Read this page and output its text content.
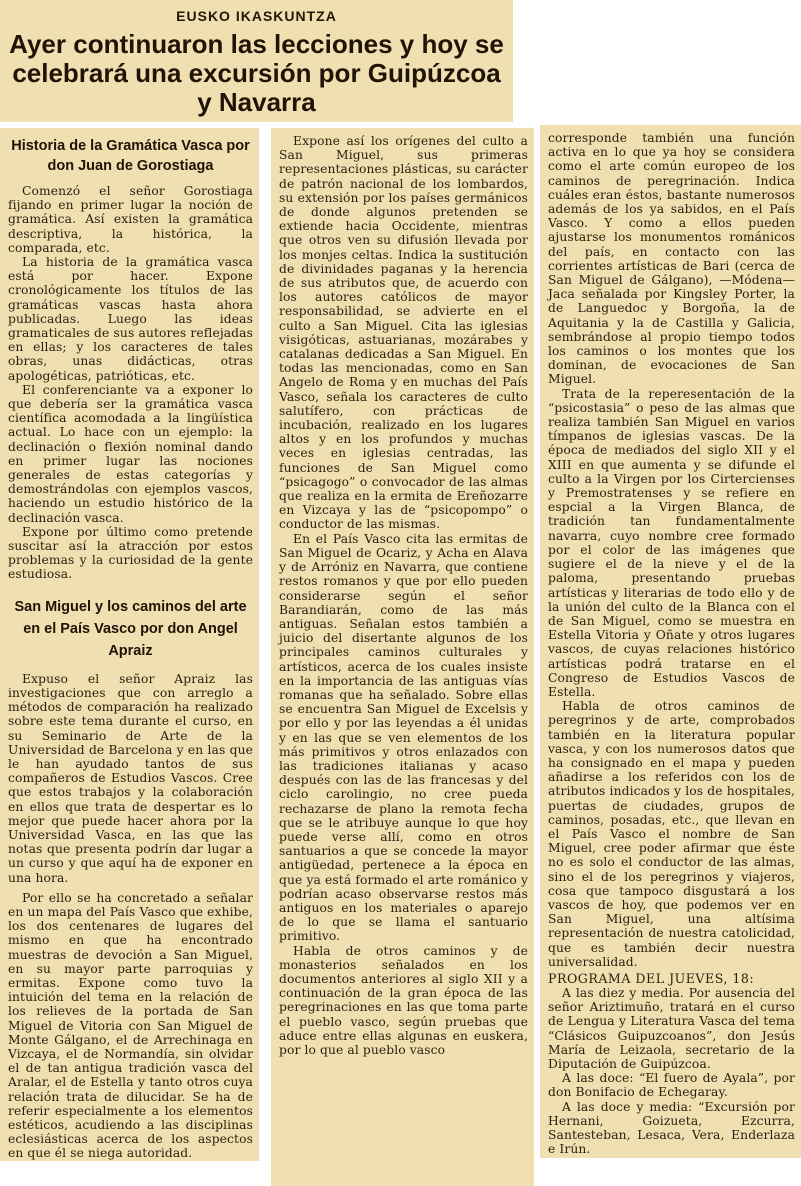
EUSKO IKASKUNTZA
Ayer continuaron las lecciones y hoy se celebrará una excursión por Guipúzcoa y Navarra
Historia de la Gramática Vasca por don Juan de Gorostiaga

Comenzó el señor Gorostiaga fijando en primer lugar la noción de gramática. Así existen la gramática descriptiva, la histórica, la comparada, etc.

La historia de la gramática vasca está por hacer. Expone cronológicamente los títulos de las gramáticas vascas hasta ahora publicadas. Luego las ideas gramaticales de sus autores reflejadas en ellas; y los caracteres de tales obras, unas didácticas, otras apologéticas, patrióticas, etc.

El conferenciante va a exponer lo que debería ser la gramática vasca científica acomodada a la lingüística actual. Lo hace con un ejemplo: la declinación o flexión nominal dando en primer lugar las nociones generales de estas categorías y demostrándolas con ejemplos vascos, haciendo un estudio histórico de la declinación vasca.

Expone por último como pretende suscitar así la atracción por estos problemas y la curiosidad de la gente estudiosa.

San Miguel y los caminos del arte en el País Vasco por don Angel Apraiz

Expuso el señor Apraiz las investigaciones que con arreglo a métodos de comparación ha realizado sobre este tema durante el curso, en su Seminario de Arte de la Universidad de Barcelona y en las que le han ayudado tantos de sus compañeros de Estudios Vascos. Cree que estos trabajos y la colaboración en ellos que trata de despertar es lo mejor que puede hacer ahora por la Universidad Vasca, en las que las notas que presenta podrín dar lugar a un curso y que aquí ha de exponer en una hora.

Por ello se ha concretado a señalar en un mapa del País Vasco que exhibe, los dos centenares de lugares del mismo en que ha encontrado muestras de devoción a San Miguel, en su mayor parte parroquias y ermitas. Expone como tuvo la intuición del tema en la relación de los relieves de la portada de San Miguel de Vitoria con San Miguel de Monte Gálgano, el de Arrechinaga en Vizcaya, el de Normandía, sin olvidar el de tan antigua tradición vasca del Aralar, el de Estella y tanto otros cuya relación trata de dilucidar. Se ha de referir especialmente a los elementos estéticos, acudiendo a las disciplinas eclesiásticas acerca de los aspectos en que él se niega autoridad.

Expone así los orígenes del culto a San Miguel, sus primeras representaciones plásticas, su carácter de patrón nacional de los lombardos, su extensión por los países germánicos de donde algunos pretenden se extiende hacia Occidente, mientras que otros ven su difusión llevada por los monjes celtas. Indica la sustitución de divinidades paganas y la herencia de sus atributos que, de acuerdo con los autores católicos de mayor responsabilidad, se advierte en el culto a San Miguel. Cita las iglesias visigóticas, astuarianas, mozárabes y catalanas dedicadas a San Miguel. En todas las mencionadas, como en San Angelo de Roma y en muchas del País Vasco, señala los caracteres de culto salutífero, con prácticas de incubación, realizado en los lugares altos y en los profundos y muchas veces en iglesias centradas, las funciones de San Miguel como “psicagogo” o convocador de las almas que realiza en la ermita de Ereñozarre en Vizcaya y las de “psicopompo” o conductor de las mismas.

En el País Vasco cita las ermitas de San Miguel de Ocariz, y Acha en Alava y de Arróniz en Navarra, que contiene restos romanos y que por ello pueden considerarse según el señor Barandiarán, como de las más antiguas. Señalan estos también a juicio del disertante algunos de los principales caminos culturales y artísticos, acerca de los cuales insiste en la importancia de las antiguas vías romanas que ha señalado. Sobre ellas se encuentra San Miguel de Excelsis y por ello y por las leyendas a él unidas y en las que se ven elementos de los más primitivos y otros enlazados con las tradiciones italianas y acaso después con las de las francesas y del ciclo carolingio, no cree pueda rechazarse de plano la remota fecha que se le atribuye aunque lo que hoy puede verse allí, como en otros santuarios a que se concede la mayor antigüedad, pertenece a la época en que ya está formado el arte románico y podrían acaso observarse restos más antiguos en los materiales o aparejo de lo que se llama el santuario primitivo.

Habla de otros caminos y de monasterios señalados en los documentos anteriores al siglo XII y a continuación de la gran época de las peregrinaciones en las que toma parte el pueblo vasco, según pruebas que aduce entre ellas algunas en euskera, por lo que al pueblo vasco

corresponde también una función activa en lo que ya hoy se considera como el arte común europeo de los caminos de peregrinación. Indica cuáles eran éstos, bastante numerosos además de los ya sabidos, en el País Vasco. Y como a ellos pueden ajustarse los monumentos románicos del país, en contacto con las corrientes artísticas de Bari (cerca de San Miguel de Gálgano), —Módena—Jaca señalada por Kingsley Porter, la de Languedoc y Borgoña, la de Aquitania y la de Castilla y Galicia, sembrándose al propio tiempo todos los caminos o los montes que los dominan, de evocaciones de San Miguel.

Trata de la reperesentación de la “psicostasia” o peso de las almas que realiza también San Miguel en varios tímpanos de iglesias vascas. De la época de mediados del siglo XII y el XIII en que aumenta y se difunde el culto a la Virgen por los Cirtercienses y Premostratenses y se refiere en espcial a la Virgen Blanca, de tradición tan fundamentalmente navarra, cuyo nombre cree formado por el color de las imágenes que sugiere el de la nieve y el de la paloma, presentando pruebas artísticas y literarias de todo ello y de la unión del culto de la Blanca con el de San Miguel, como se muestra en Estella Vitoria y Oñate y otros lugares vascos, de cuyas relaciones histórico artísticas podrá tratarse en el Congreso de Estudios Vascos de Estella.

Habla de otros caminos de peregrinos y de arte, comprobados también en la literatura popular vasca, y con los numerosos datos que ha consignado en el mapa y pueden añadirse a los referidos con los de atributos indicados y los de hospitales, puertas de ciudades, grupos de caminos, posadas, etc., que llevan en el País Vasco el nombre de San Miguel, cree poder afirmar que éste no es solo el conductor de las almas, sino el de los peregrinos y viajeros, cosa que tampoco disgustará a los vascos de hoy, que podemos ver en San Miguel, una altísima representación de nuestra catolicidad, que es también decir nuestra universalidad.

PROGRAMA DEL JUEVES, 18:

A las diez y media. Por ausencia del señor Ariztimuño, tratará en el curso de Lengua y Literatura Vasca del tema “Clásicos Guipuzcoanos”, don Jesús María de Leizaola, secretario de la Diputación de Guipúzcoa.

A las doce: “El fuero de Ayala”, por don Bonifacio de Echegaray.

A las doce y media: “Excursión por Hernani, Goizueta, Ezcurra, Santesteban, Lesaca, Vera, Enderlaza e Irún.
